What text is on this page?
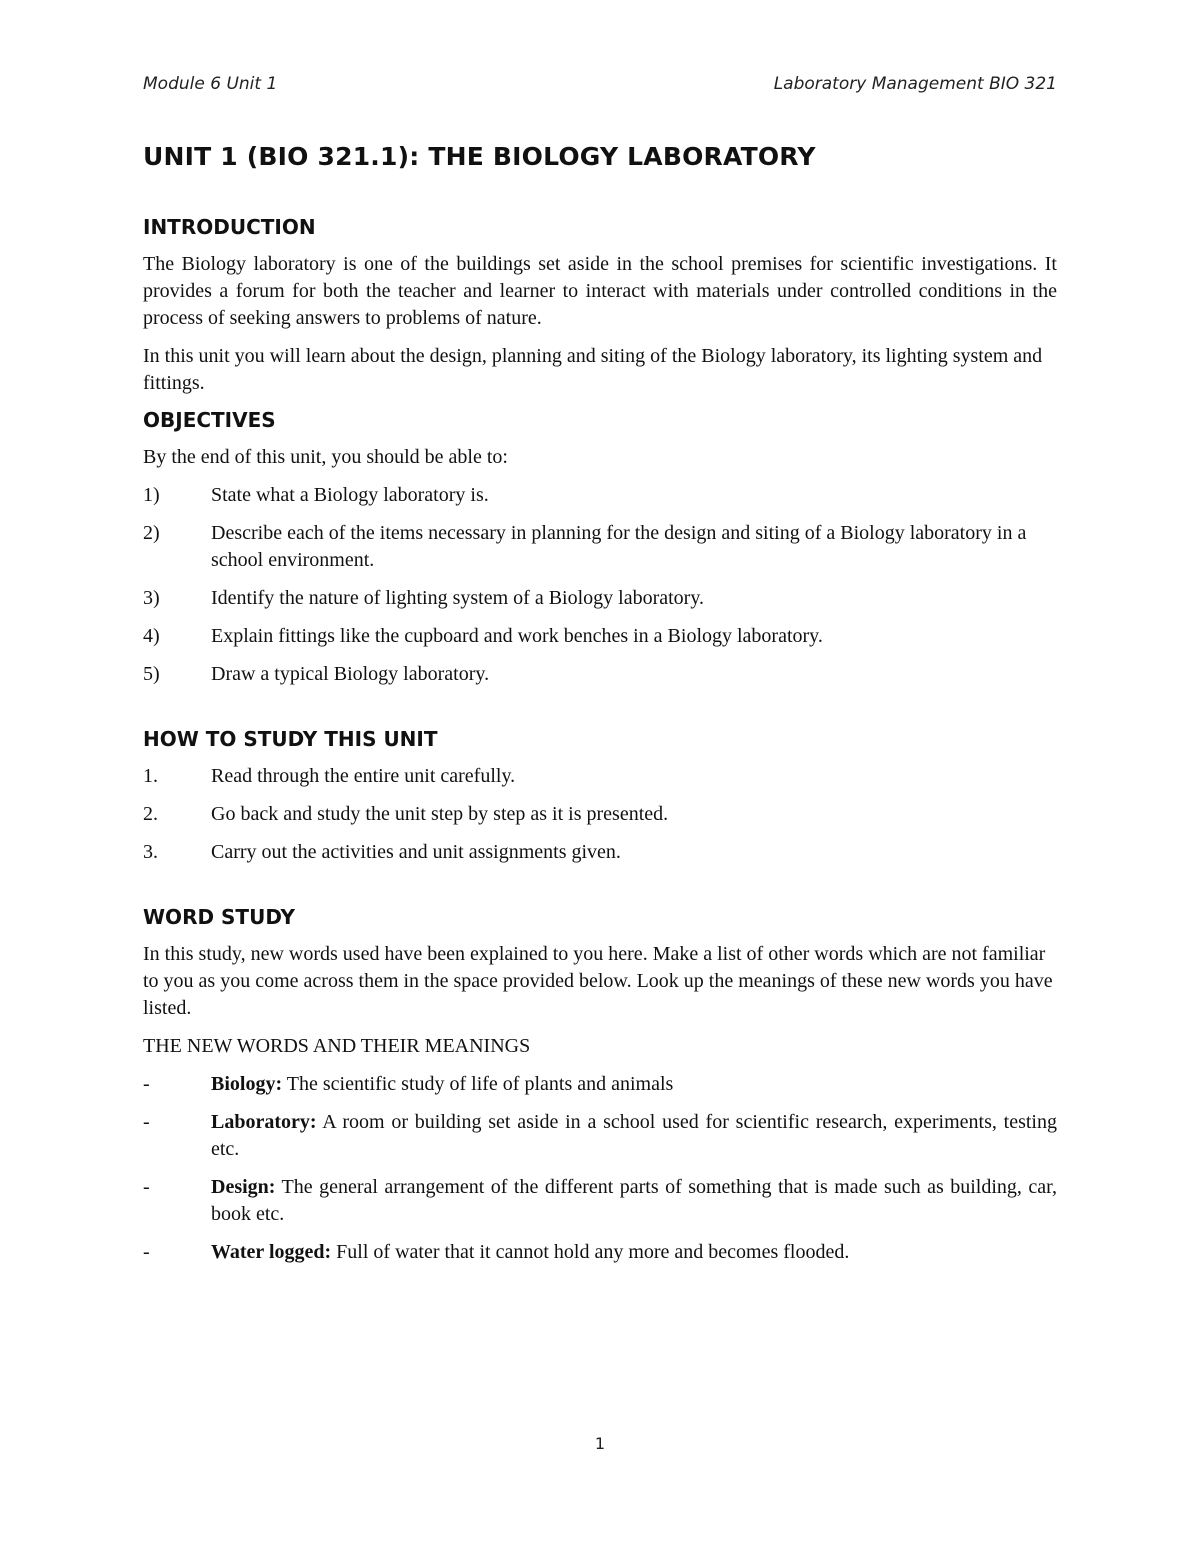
Module 6 Unit 1	Laboratory Management BIO 321
UNIT 1 (BIO 321.1): THE BIOLOGY LABORATORY
INTRODUCTION

The Biology laboratory is one of the buildings set aside in the school premises for scientific investigations. It provides a forum for both the teacher and learner to interact with materials under controlled conditions in the process of seeking answers to problems of nature.

In this unit you will learn about the design, planning and siting of the Biology laboratory, its lighting system and fittings.

OBJECTIVES

By the end of this unit, you should be able to:

1)	State what a Biology laboratory is.
2)	Describe each of the items necessary in planning for the design and siting of a Biology laboratory in a school environment.
3)	Identify the nature of lighting system of a Biology laboratory.
4)	Explain fittings like the cupboard and work benches in a Biology laboratory.
5)	Draw a typical Biology laboratory.
HOW TO STUDY THIS UNIT
1.	Read through the entire unit carefully.
2.	Go back and study the unit step by step as it is presented.
3.	Carry out the activities and unit assignments given.
WORD STUDY

In this study, new words used have been explained to you here. Make a list of other words which are not familiar to you as you come across them in the space provided below. Look up the meanings of these new words you have listed.

THE NEW WORDS AND THEIR MEANINGS
-	Biology: The scientific study of life of plants and animals
-	Laboratory: A room or building set aside in a school used for scientific research, experiments, testing etc.
-	Design: The general arrangement of the different parts of something that is made such as building, car, book etc.
-	Water logged: Full of water that it cannot hold any more and becomes flooded.
1
